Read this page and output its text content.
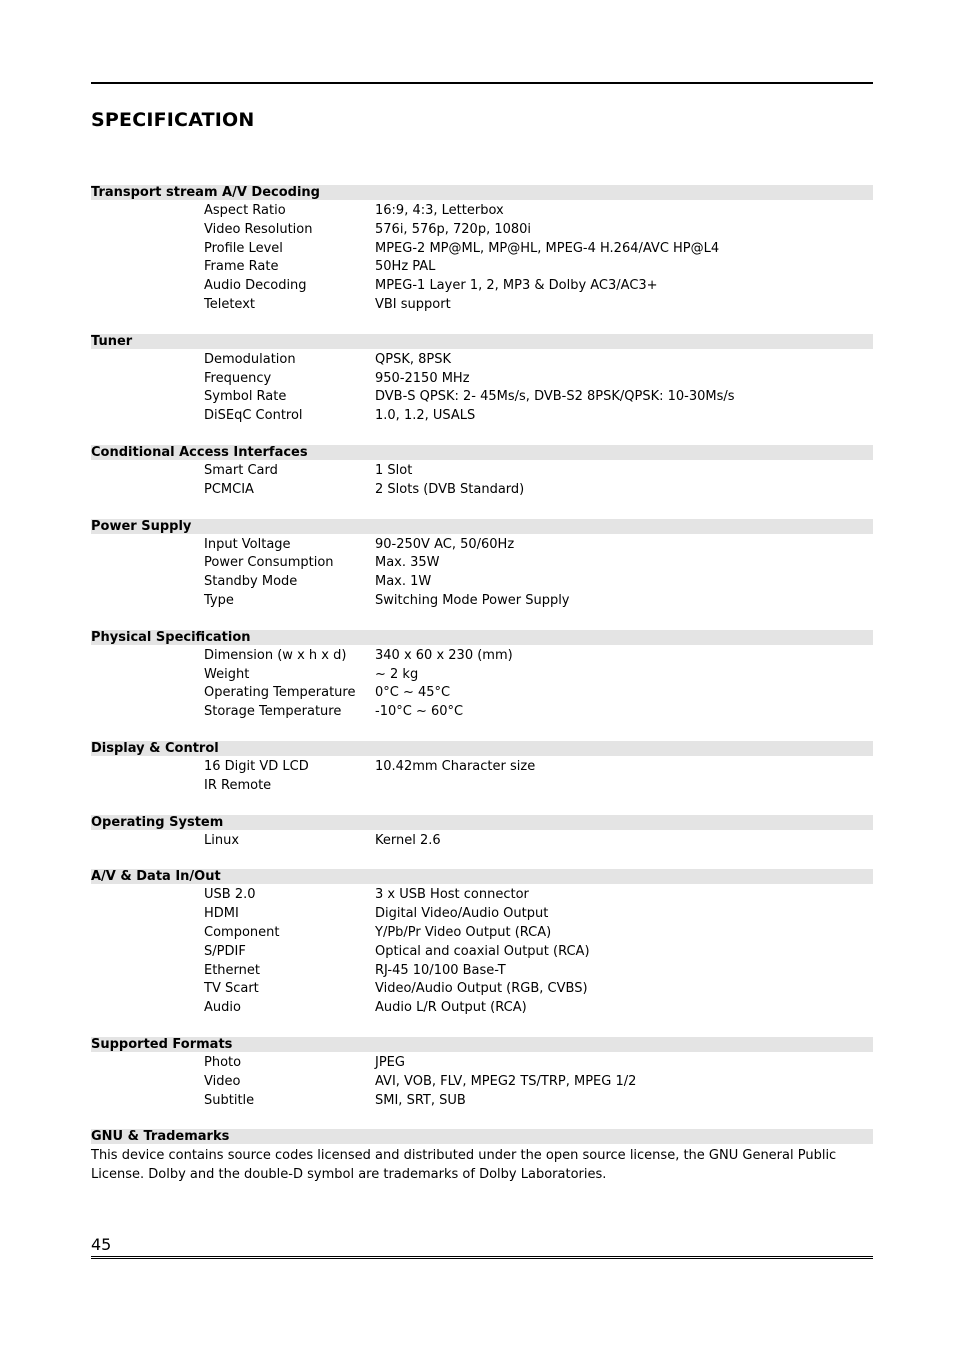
SPECIFICATION
Transport stream A/V Decoding
Aspect Ratio	16:9, 4:3, Letterbox
Video Resolution	576i, 576p, 720p, 1080i
Profile Level	MPEG-2 MP@ML, MP@HL, MPEG-4 H.264/AVC HP@L4
Frame Rate	50Hz PAL
Audio Decoding	MPEG-1 Layer 1, 2, MP3 & Dolby AC3/AC3+
Teletext	VBI support
Tuner
Demodulation	QPSK, 8PSK
Frequency	950-2150 MHz
Symbol Rate	DVB-S QPSK: 2- 45Ms/s, DVB-S2 8PSK/QPSK: 10-30Ms/s
DiSEqC Control	1.0, 1.2, USALS
Conditional Access Interfaces
Smart Card	1 Slot
PCMCIA	2 Slots (DVB Standard)
Power Supply
Input Voltage	90-250V AC, 50/60Hz
Power Consumption	Max. 35W
Standby Mode	Max. 1W
Type	Switching Mode Power Supply
Physical Specification
Dimension (w x h x d) 340 x 60 x 230 (mm)
Weight	~ 2 kg
Operating Temperature 0°C ~ 45°C
Storage Temperature	-10°C ~ 60°C
Display & Control
16 Digit VD LCD	10.42mm Character size
IR Remote
Operating System
Linux	Kernel 2.6
A/V & Data In/Out
USB 2.0	3 x USB Host connector
HDMI	Digital Video/Audio Output
Component	Y/Pb/Pr Video Output (RCA)
S/PDIF	Optical and coaxial Output (RCA)
Ethernet	RJ-45 10/100 Base-T
TV Scart	Video/Audio Output (RGB, CVBS)
Audio	Audio L/R Output (RCA)
Supported Formats
Photo	JPEG
Video	AVI, VOB, FLV, MPEG2 TS/TRP, MPEG 1/2
Subtitle	SMI, SRT, SUB
GNU & Trademarks

This device contains source codes licensed and distributed under the open source license, the GNU General Public License. Dolby and the double-D symbol are trademarks of Dolby Laboratories.

45
